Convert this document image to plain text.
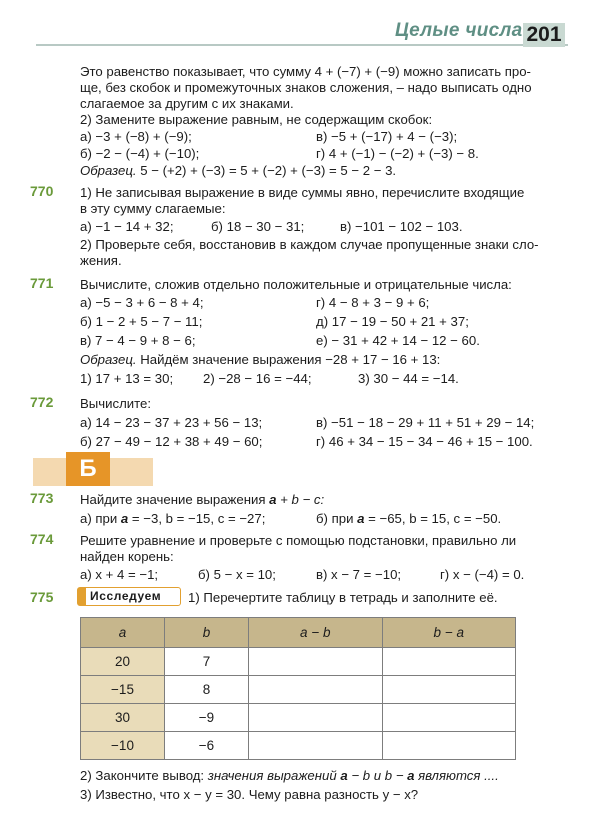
Целые числа 201
Это равенство показывает, что сумму 4 + (−7) + (−9) можно записать про-
ще, без скобок и промежуточных знаков сложения, – надо выписать одно
слагаемое за другим с их знаками.
2) Замените выражение равным, не содержащим скобок:
а) −3 + (−8) + (−9);	в) −5 + (−17) + 4 − (−3);
б) −2 − (−4) + (−10);	г) 4 + (−1) − (−2) + (−3) − 8.
Образец. 5 − (+2) + (−3) = 5 + (−2) + (−3) = 5 − 2 − 3.
770 1) Не записывая выражение в виде суммы явно, перечислите входящие
в эту сумму слагаемые:
а) −1 − 14 + 32;	б) 18 − 30 − 31;	в) −101 − 102 − 103.
2) Проверьте себя, восстановив в каждом случае пропущенные знаки сло-
жения.
771 Вычислите, сложив отдельно положительные и отрицательные числа:
а) −5 − 3 + 6 − 8 + 4;	г) 4 − 8 + 3 − 9 + 6;
б) 1 − 2 + 5 − 7 − 11;	д) 17 − 19 − 50 + 21 + 37;
в) 7 − 4 − 9 + 8 − 6;	е) − 31 + 42 + 14 − 12 − 60.
Образец. Найдём значение выражения −28 + 17 − 16 + 13:
1) 17 + 13 = 30; 2) −28 − 16 = −44;	3) 30 − 44 = −14.
772 Вычислите:
а) 14 − 23 − 37 + 23 + 56 − 13;	в) −51 − 18 − 29 + 11 + 51 + 29 − 14;
б) 27 − 49 − 12 + 38 + 49 − 60;	г) 46 + 34 − 15 − 34 − 46 + 15 − 100.
Б
773 Найдите значение выражения a + b − c:
а) при a = −3, b = −15, c = −27;	б) при a = −65, b = 15, c = −50.
774 Решите уравнение и проверьте с помощью подстановки, правильно ли
найден корень:
а) x + 4 = −1;	б) 5 − x = 10;	в) x − 7 = −10;	г) x − (−4) = 0.
775	Исследуем	1) Перечертите таблицу в тетрадь и заполните её.
a	b	a − b	b − a
20	7		
−15	8		
30	−9		
−10	−6		
2) Закончите вывод: значения выражений a − b и b − a являются ....
3) Известно, что x − y = 30. Чему равна разность y − x?
